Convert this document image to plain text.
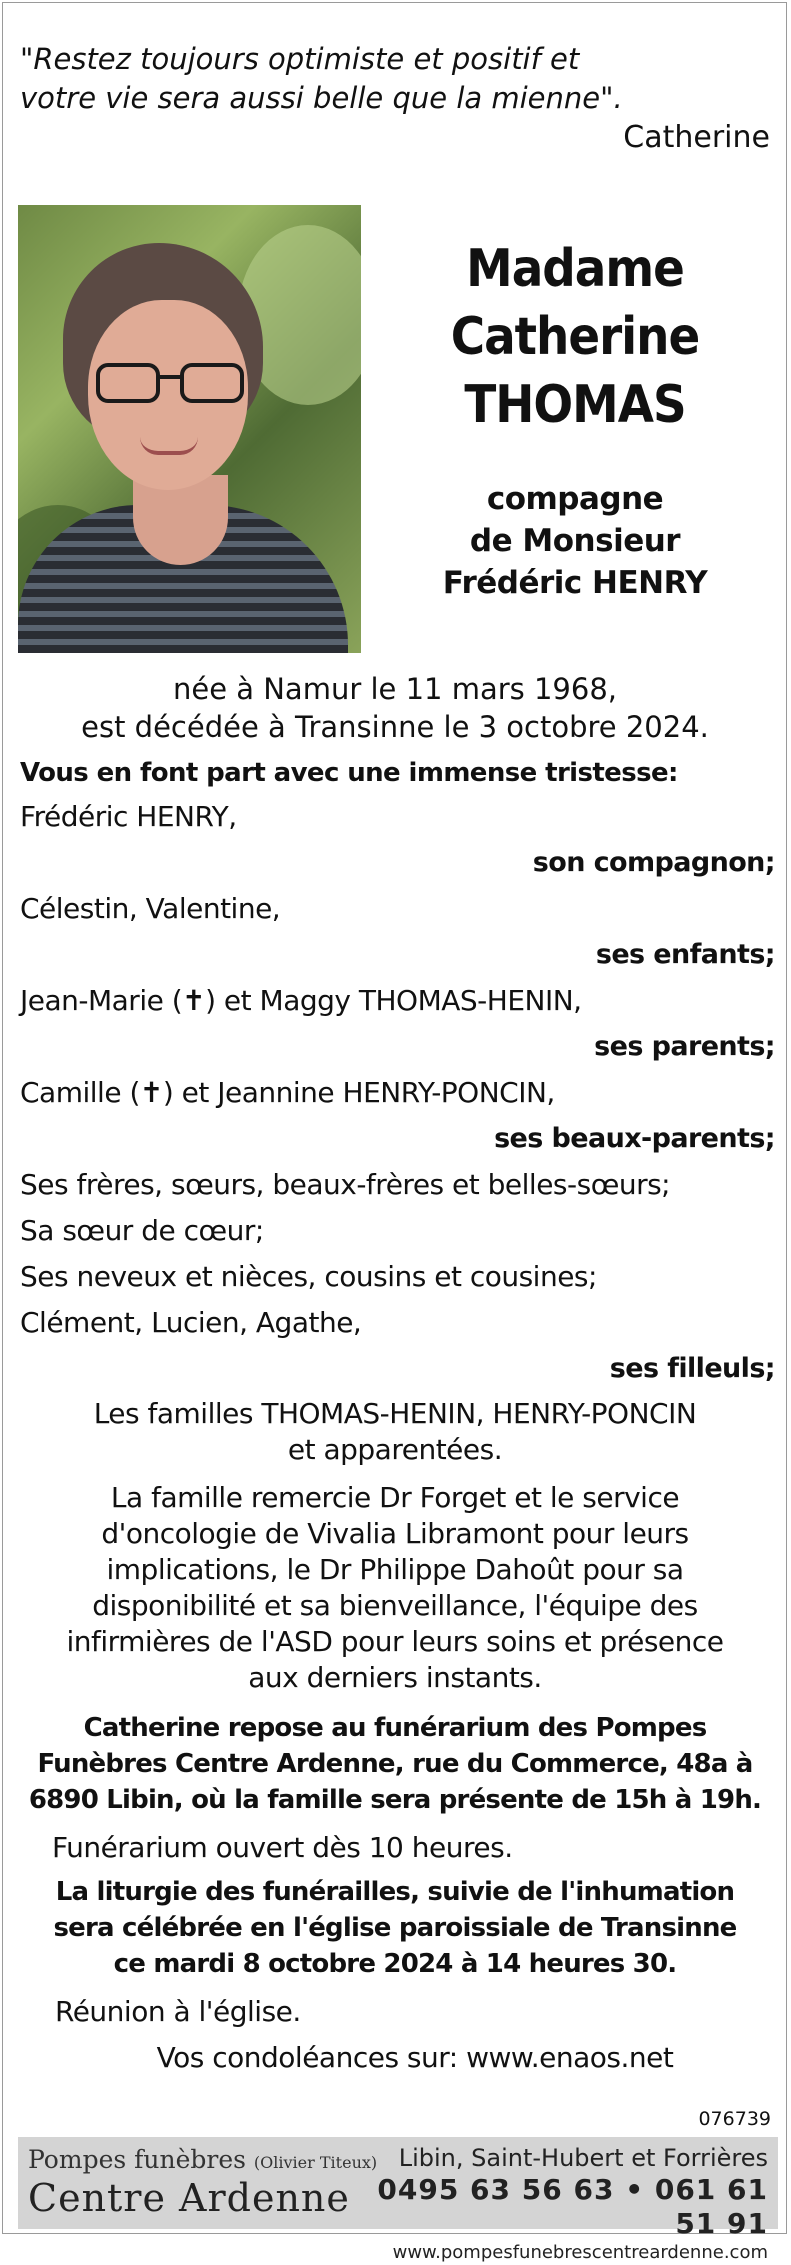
"Restez toujours optimiste et positif et
votre vie sera aussi belle que la mienne".
Catherine
Madame
Catherine
THOMAS
compagne
de Monsieur
Frédéric HENRY
née à Namur le 11 mars 1968,
est décédée à Transinne le 3 octobre 2024.
Vous en font part avec une immense tristesse:
Frédéric HENRY,
son compagnon;
Célestin, Valentine,
ses enfants;
Jean-Marie (✝) et Maggy THOMAS-HENIN,
ses parents;
Camille (✝) et Jeannine HENRY-PONCIN,
ses beaux-parents;
Ses frères, sœurs, beaux-frères et belles-sœurs;
Sa sœur de cœur;
Ses neveux et nièces, cousins et cousines;
Clément, Lucien, Agathe,
ses filleuls;
Les familles THOMAS-HENIN, HENRY-PONCIN
et apparentées.
La famille remercie Dr Forget et le service
d'oncologie de Vivalia Libramont pour leurs
implications, le Dr Philippe Dahoût pour sa
disponibilité et sa bienveillance, l'équipe des
infirmières de l'ASD pour leurs soins et présence
aux derniers instants.
Catherine repose au funérarium des Pompes
Funèbres Centre Ardenne, rue du Commerce, 48a à
6890 Libin, où la famille sera présente de 15h à 19h.
Funérarium ouvert dès 10 heures.
La liturgie des funérailles, suivie de l'inhumation
sera célébrée en l'église paroissiale de Transinne
ce mardi 8 octobre 2024 à 14 heures 30.
Réunion à l'église.
Vos condoléances sur: www.enaos.net
076739
Pompes funèbres (Olivier Titeux)
Centre Ardenne
Libin, Saint-Hubert et Forrières
0495 63 56 63 • 061 61 51 91
www.pompesfunebrescentreardenne.com
